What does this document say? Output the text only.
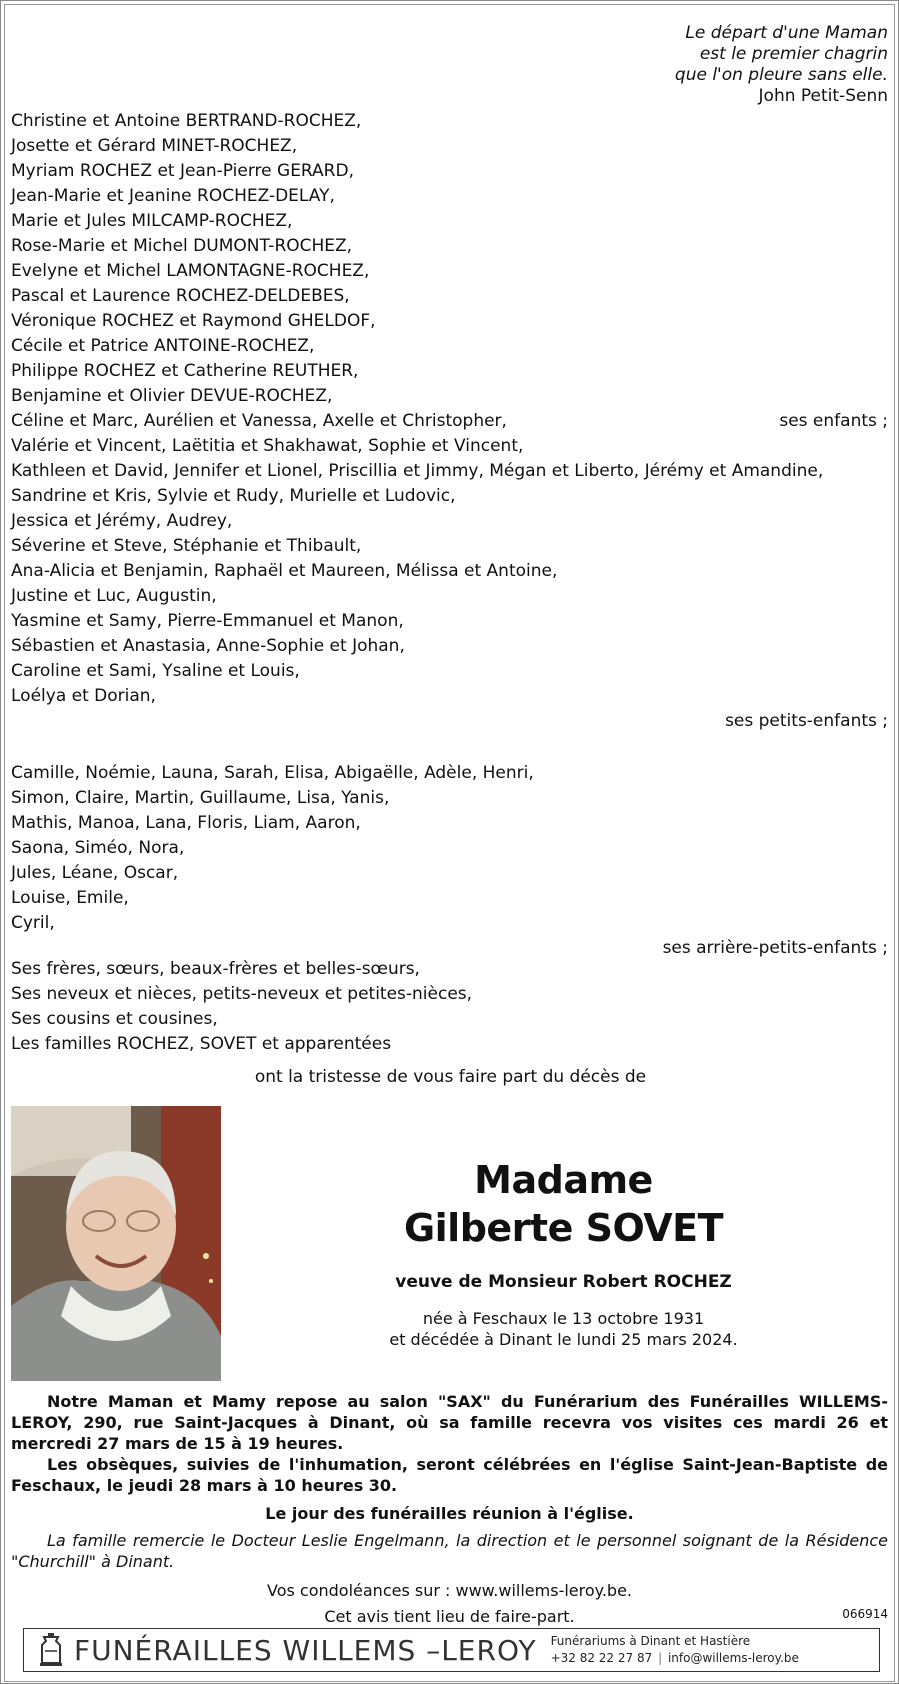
Le départ d'une Maman
est le premier chagrin
que l'on pleure sans elle.
John Petit-Senn
Christine et Antoine BERTRAND-ROCHEZ,
Josette et Gérard MINET-ROCHEZ,
Myriam ROCHEZ et Jean-Pierre GERARD,
Jean-Marie et Jeanine ROCHEZ-DELAY,
Marie et Jules MILCAMP-ROCHEZ,
Rose-Marie et Michel DUMONT-ROCHEZ,
Evelyne et Michel LAMONTAGNE-ROCHEZ,
Pascal et Laurence ROCHEZ-DELDEBES,
Véronique ROCHEZ et Raymond GHELDOF,
Cécile et Patrice ANTOINE-ROCHEZ,
Philippe ROCHEZ et Catherine REUTHER,
Benjamine et Olivier DEVUE-ROCHEZ,
ses enfants ;
Céline et Marc, Aurélien et Vanessa, Axelle et Christopher,
Valérie et Vincent, Laëtitia et Shakhawat, Sophie et Vincent,
Kathleen et David, Jennifer et Lionel, Priscillia et Jimmy, Mégan et Liberto, Jérémy et Amandine,
Sandrine et Kris, Sylvie et Rudy, Murielle et Ludovic,
Jessica et Jérémy, Audrey,
Séverine et Steve, Stéphanie et Thibault,
Ana-Alicia et Benjamin, Raphaël et Maureen, Mélissa et Antoine,
Justine et Luc, Augustin,
Yasmine et Samy, Pierre-Emmanuel et Manon,
Sébastien et Anastasia, Anne-Sophie et Johan,
Caroline et Sami, Ysaline et Louis,
Loélya et Dorian,
ses petits-enfants ;
Camille, Noémie, Launa, Sarah, Elisa, Abigaëlle, Adèle, Henri,
Simon, Claire, Martin, Guillaume, Lisa, Yanis,
Mathis, Manoa, Lana, Floris, Liam, Aaron,
Saona, Siméo, Nora,
Jules, Léane, Oscar,
Louise, Emile,
Cyril,
ses arrière-petits-enfants ;
Ses frères, sœurs, beaux-frères et belles-sœurs,
Ses neveux et nièces, petits-neveux et petites-nièces,
Ses cousins et cousines,
Les familles ROCHEZ, SOVET et apparentées
ont la tristesse de vous faire part du décès de
Madame
Gilberte SOVET
veuve de Monsieur Robert ROCHEZ
née à Feschaux le 13 octobre 1931
et décédée à Dinant le lundi 25 mars 2024.

Notre Maman et Mamy repose au salon "SAX" du Funérarium des Funérailles WILLEMS-LEROY, 290, rue Saint-Jacques à Dinant, où sa famille recevra vos visites ces mardi 26 et mercredi 27 mars de 15 à 19 heures.

Les obsèques, suivies de l'inhumation, seront célébrées en l'église Saint-Jean-Baptiste de Feschaux, le jeudi 28 mars à 10 heures 30.

Le jour des funérailles réunion à l'église.

La famille remercie le Docteur Leslie Engelmann, la direction et le personnel soignant de la Résidence "Churchill" à Dinant.

Vos condoléances sur : www.willems-leroy.be.
Cet avis tient lieu de faire-part.	066914
FUNÉRAILLES WILLEMS –LEROY Funérariums à Dinant et Hastière
+32 82 22 27 87 | info@willems-leroy.be
